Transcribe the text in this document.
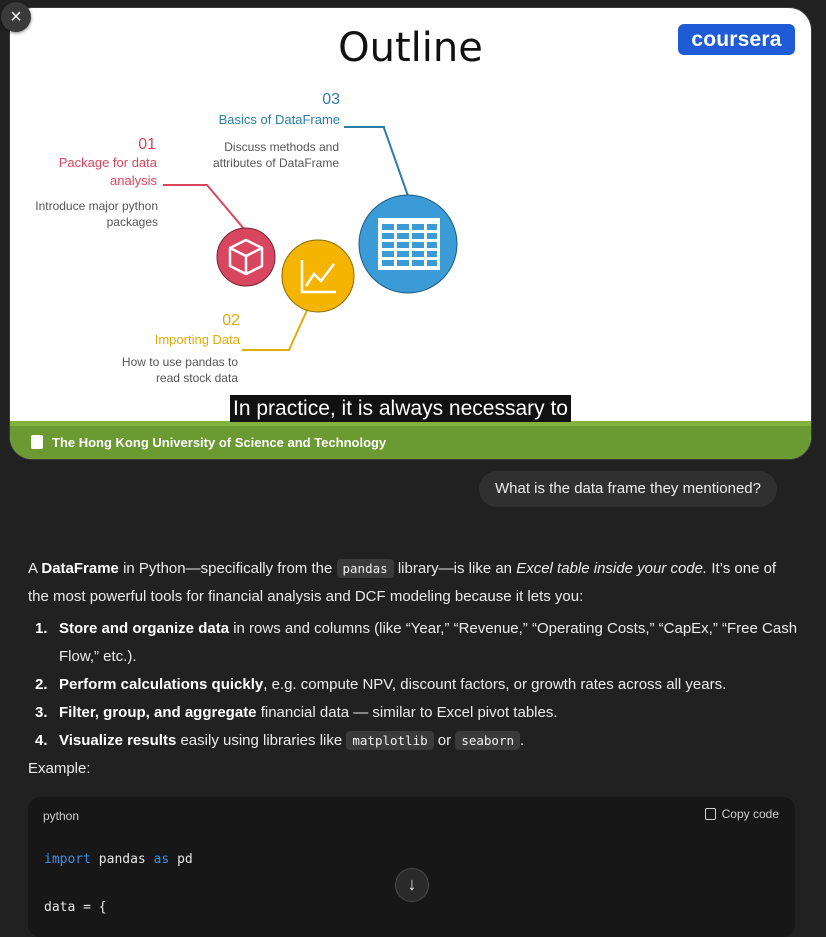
×
Outline	coursera
01
Package for data analysis
Introduce major python packages
02
Importing Data
How to use pandas to read stock data
03
Basics of DataFrame
Discuss methods and attributes of DataFrame
The Hong Kong University of Science and Technology
In practice, it is always necessary to
What is the data frame they mentioned?

A DataFrame in Python—specifically from the pandas library—is like an Excel table inside your code. It’s one of the most powerful tools for financial analysis and DCF modeling because it lets you:

1. Store and organize data in rows and columns (like “Year,” “Revenue,” “Operating Costs,” “CapEx,” “Free Cash Flow,” etc.).
2. Perform calculations quickly, e.g. compute NPV, discount factors, or growth rates across all years.
3. Filter, group, and aggregate financial data — similar to Excel pivot tables.
4. Visualize results easily using libraries like matplotlib or seaborn .

Example:

python	Copy code
import pandas as pd
data = {
↓
